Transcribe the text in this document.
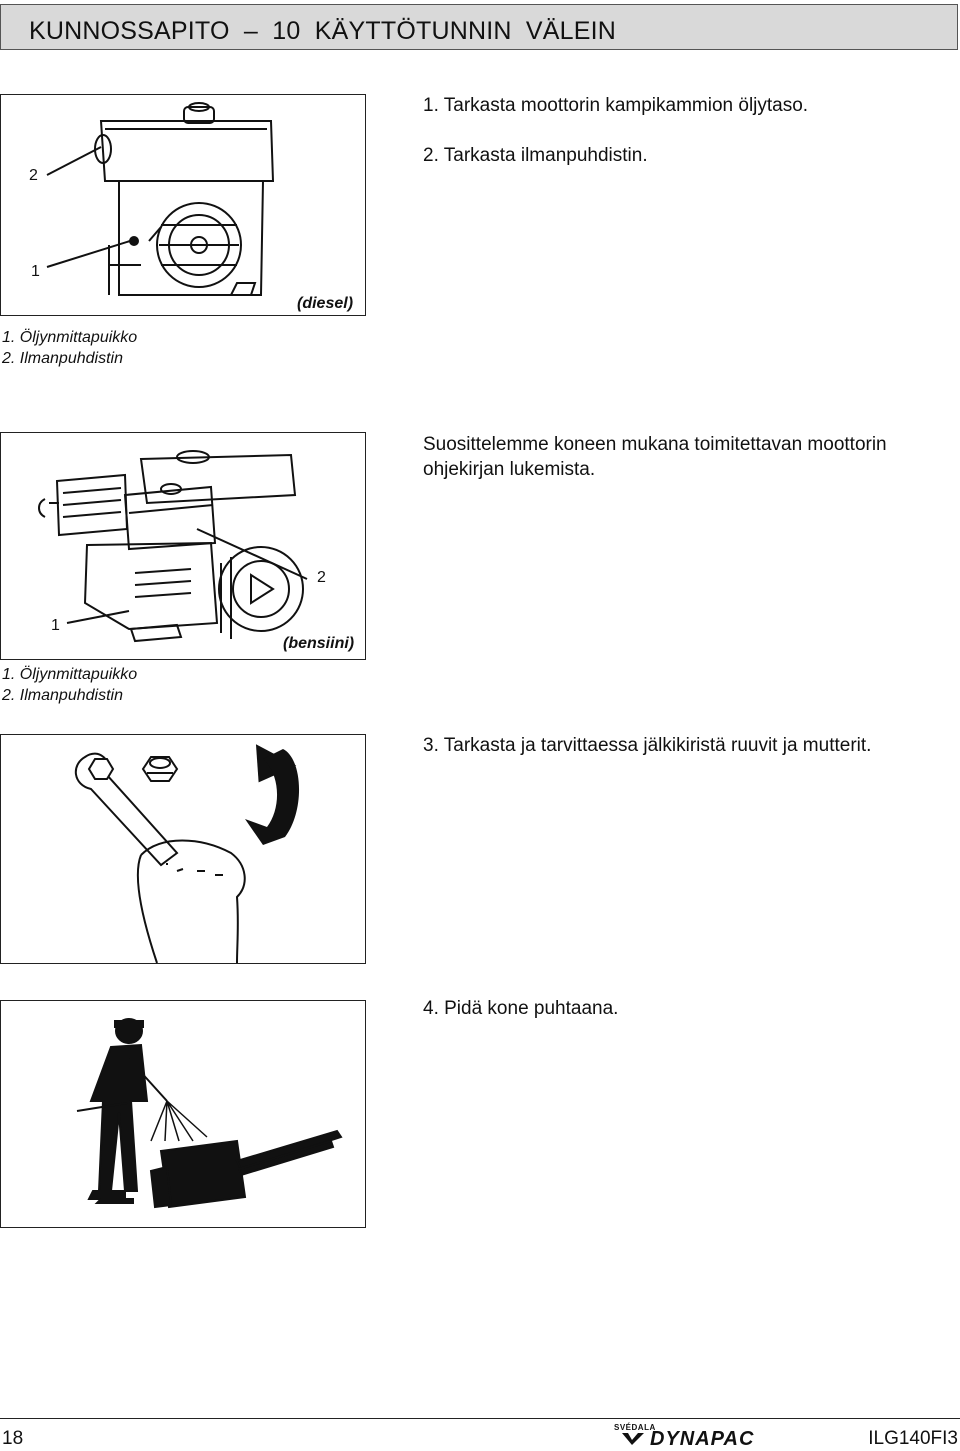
KUNNOSSAPITO  –  10  KÄYTTÖTUNNIN  VÄLEIN
2
1
(diesel)
1. Öljynmittapuikko
2. Ilmanpuhdistin
2
1
(bensiini)
1. Öljynmittapuikko
2. Ilmanpuhdistin
1. Tarkasta moottorin kampikammion öljytaso.
2. Tarkasta ilmanpuhdistin.
Suosittelemme koneen mukana toimitettavan moottorin
ohjekirjan lukemista.
3. Tarkasta ja tarvittaessa jälkikiristä ruuvit ja mutterit.
4. Pidä kone puhtaana.
18
SVÉDALA
DYNAPAC	ILG140FI3
